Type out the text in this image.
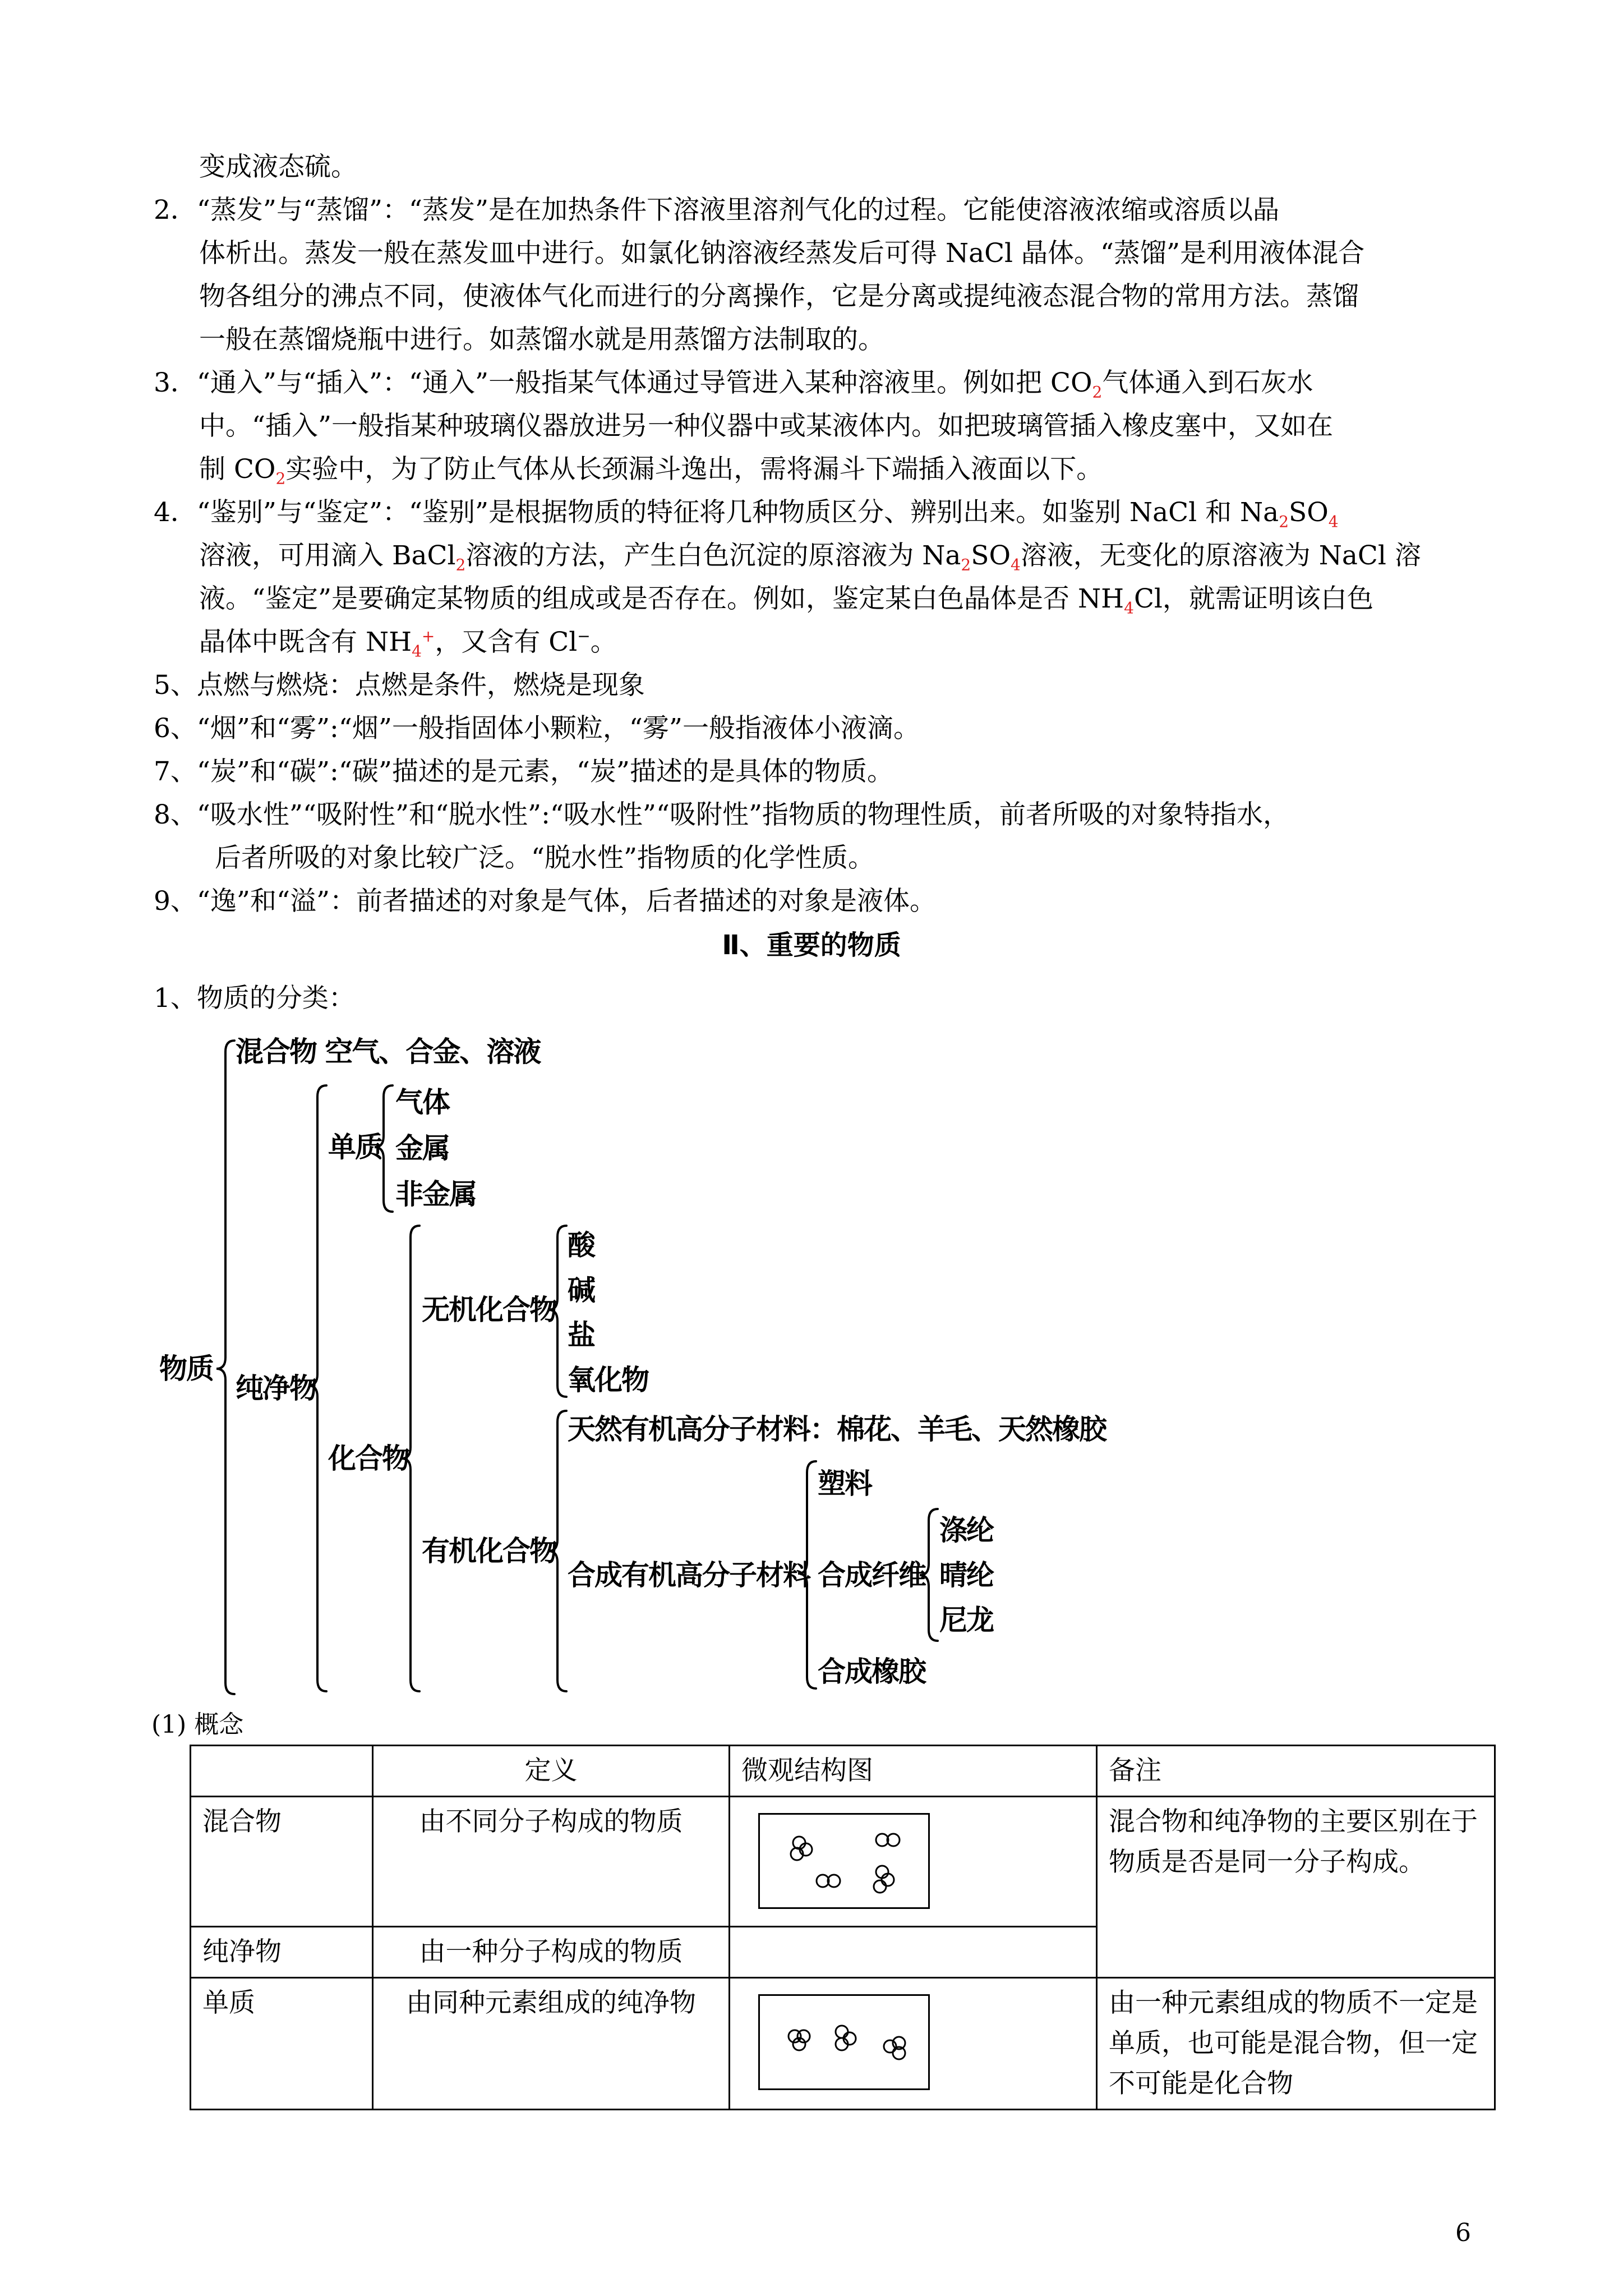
变成液态硫。
2．“蒸发”与“蒸馏”：“蒸发”是在加热条件下溶液里溶剂气化的过程。它能使溶液浓缩或溶质以晶
体析出。蒸发一般在蒸发皿中进行。如氯化钠溶液经蒸发后可得 NaCl 晶体。“蒸馏”是利用液体混合
物各组分的沸点不同，使液体气化而进行的分离操作，它是分离或提纯液态混合物的常用方法。蒸馏
一般在蒸馏烧瓶中进行。如蒸馏水就是用蒸馏方法制取的。
3．“通入”与“插入”：“通入”一般指某气体通过导管进入某种溶液里。例如把 $CO_2$气体通入到石灰水
中。“插入”一般指某种玻璃仪器放进另一种仪器中或某液体内。如把玻璃管插入橡皮塞中，又如在
制 $CO_2$实验中，为了防止气体从长颈漏斗逸出，需将漏斗下端插入液面以下。
4．“鉴别”与“鉴定”：“鉴别”是根据物质的特征将几种物质区分、辨别出来。如鉴别 NaCl 和 $Na_2SO_4$
溶液，可用滴入 BaCl$_2$溶液的方法，产生白色沉淀的原溶液为 $Na_2SO_4$溶液，无变化的原溶液为 NaCl 溶
液。“鉴定”是要确定某物质的组成或是否存在。例如，鉴定某白色晶体是否 $NH_4Cl$，就需证明该白色
晶体中既含有 $NH_4^+$，又含有 Cl−。
5、点燃与燃烧：点燃是条件，燃烧是现象
6、“烟”和“雾”:“烟”一般指固体小颗粒，“雾”一般指液体小液滴。
7、“炭”和“碳”:“碳”描述的是元素，“炭”描述的是具体的物质。
8、“吸水性”“吸附性”和“脱水性”:“吸水性”“吸附性”指物质的物理性质，前者所吸的对象特指水，
后者所吸的对象比较广泛。“脱水性”指物质的化学性质。
9、“逸”和“溢”：前者描述的对象是气体，后者描述的对象是液体。
Ⅱ、重要的物质
1、物质的分类：
物质
混合物 空气、合金、溶液
纯净物
单质
气体
金属
非金属
化合物
无机化合物
酸
碱
盐
氧化物
有机化合物
天然有机高分子材料：棉花、羊毛、天然橡胶
合成有机高分子材料
塑料
合成纤维
涤纶
晴纶
尼龙
合成橡胶
(1) 概念
	定义	微观结构图	备注
混合物	由不同分子构成的物质		混合物和纯净物的主要区别在于物质是否是同一分子构成。
纯净物	由一种分子构成的物质		
单质	由同种元素组成的纯净物		由一种元素组成的物质不一定是单质，也可能是混合物，但一定不可能是化合物
6
